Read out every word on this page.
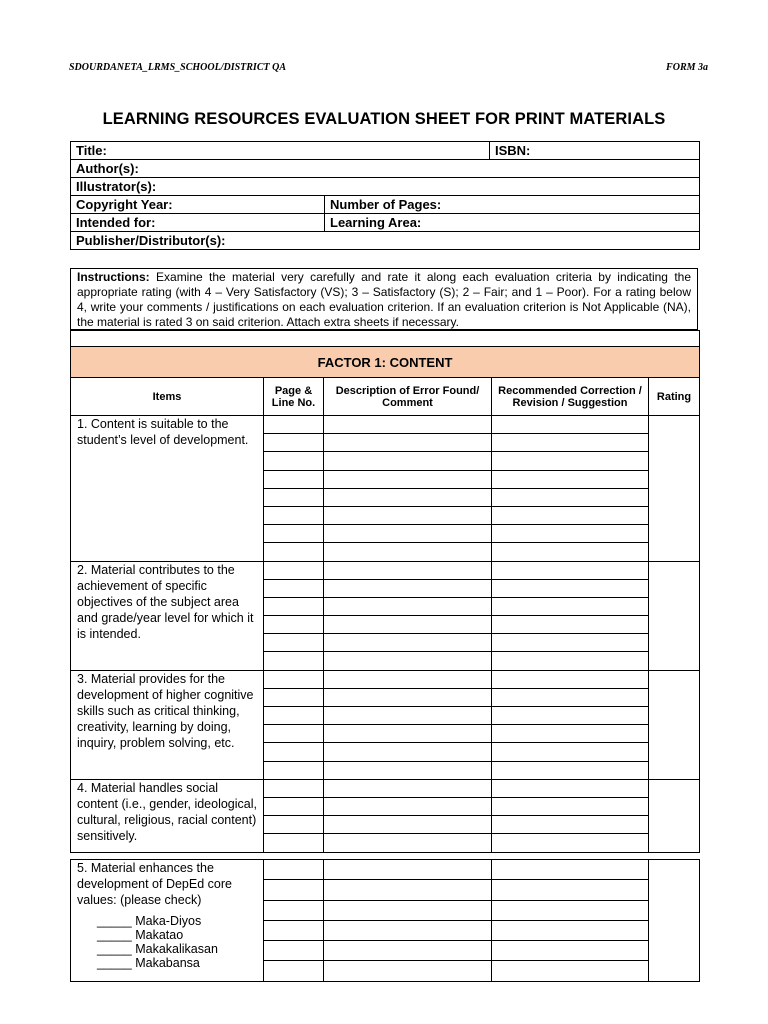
SDOURDANETA_LRMS_SCHOOL/DISTRICT QA	FORM 3a
LEARNING RESOURCES EVALUATION SHEET FOR PRINT MATERIALS
Title:	ISBN:
Author(s):
Illustrator(s):
Copyright Year:	Number of Pages:
Intended for:	Learning Area:
Publisher/Distributor(s):
Instructions: Examine the material very carefully and rate it along each evaluation criteria by indicating the appropriate rating (with 4 – Very Satisfactory (VS); 3 – Satisfactory (S); 2 – Fair; and 1 – Poor). For a rating below 4, write your comments / justifications on each evaluation criterion. If an evaluation criterion is Not Applicable (NA), the material is rated 3 on said criterion. Attach extra sheets if necessary.

FACTOR 1: CONTENT				
Items	Page & Line No.	Description of Error Found/ Comment	Recommended Correction / Revision / Suggestion	Rating

1. Content is suitable to the student’s level of development.				

2. Material contributes to the achievement of specific objectives of the subject area and grade/year level for which it is intended.				

3. Material provides for the development of higher cognitive skills such as critical thinking, creativity, learning by doing, inquiry, problem solving, etc.				

4. Material handles social content (i.e., gender, ideological, cultural, religious, racial content) sensitively.				

5. Material enhances the development of DepEd core values: (please check)
_____ Maka-Diyos
_____ Makatao
_____ Makakalikasan
_____ Makabansa				
